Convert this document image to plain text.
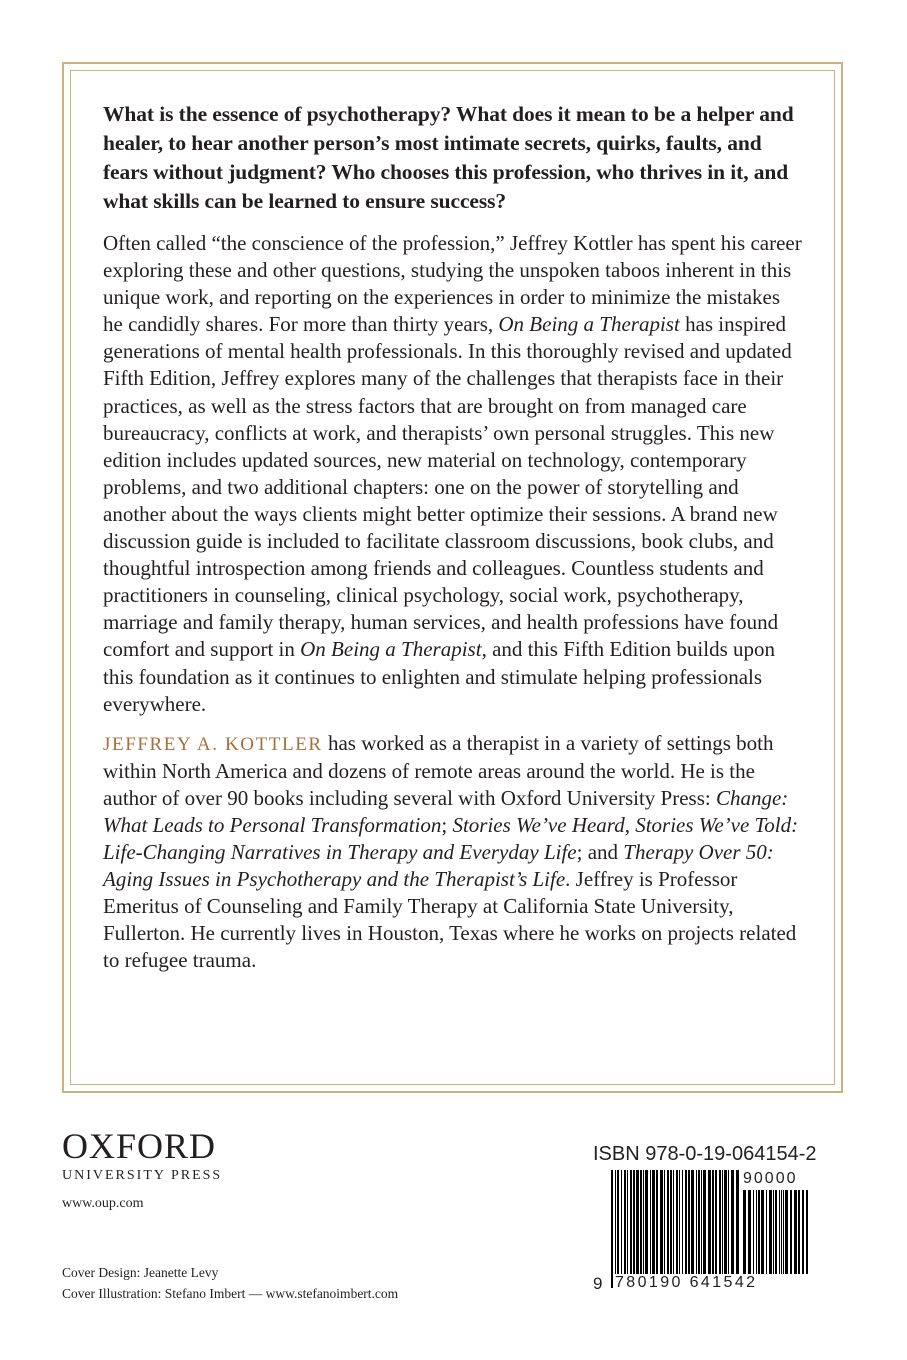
What is the essence of psychotherapy? What does it mean to be a helper and healer, to hear another person’s most intimate secrets, quirks, faults, and fears without judgment? Who chooses this profession, who thrives in it, and what skills can be learned to ensure success?

Often called “the conscience of the profession,” Jeffrey Kottler has spent his career exploring these and other questions, studying the unspoken taboos inherent in this unique work, and reporting on the experiences in order to minimize the mistakes he candidly shares. For more than thirty years, On Being a Therapist has inspired generations of mental health professionals. In this thoroughly revised and updated Fifth Edition, Jeffrey explores many of the challenges that therapists face in their practices, as well as the stress factors that are brought on from managed care bureaucracy, conflicts at work, and therapists’ own personal struggles. This new edition includes updated sources, new material on technology, contemporary problems, and two additional chapters: one on the power of storytelling and another about the ways clients might better optimize their sessions. A brand new discussion guide is included to facilitate classroom discussions, book clubs, and thoughtful introspection among friends and colleagues. Countless students and practitioners in counseling, clinical psychology, social work, psychotherapy, marriage and family therapy, human services, and health professions have found comfort and support in On Being a Therapist, and this Fifth Edition builds upon this foundation as it continues to enlighten and stimulate helping professionals everywhere.

JEFFREY A. KOTTLER has worked as a therapist in a variety of settings both within North America and dozens of remote areas around the world. He is the author of over 90 books including several with Oxford University Press: Change: What Leads to Personal Transformation; Stories We’ve Heard, Stories We’ve Told: Life-Changing Narratives in Therapy and Everyday Life; and Therapy Over 50: Aging Issues in Psychotherapy and the Therapist’s Life. Jeffrey is Professor Emeritus of Counseling and Family Therapy at California State University, Fullerton. He currently lives in Houston, Texas where he works on projects related to refugee trauma.

OXFORD
UNIVERSITY PRESS
www.oup.com
Cover Design: Jeanette Levy
Cover Illustration: Stefano Imbert — www.stefanoimbert.com
ISBN 978-0-19-064154-2
90000
9 780190 641542
